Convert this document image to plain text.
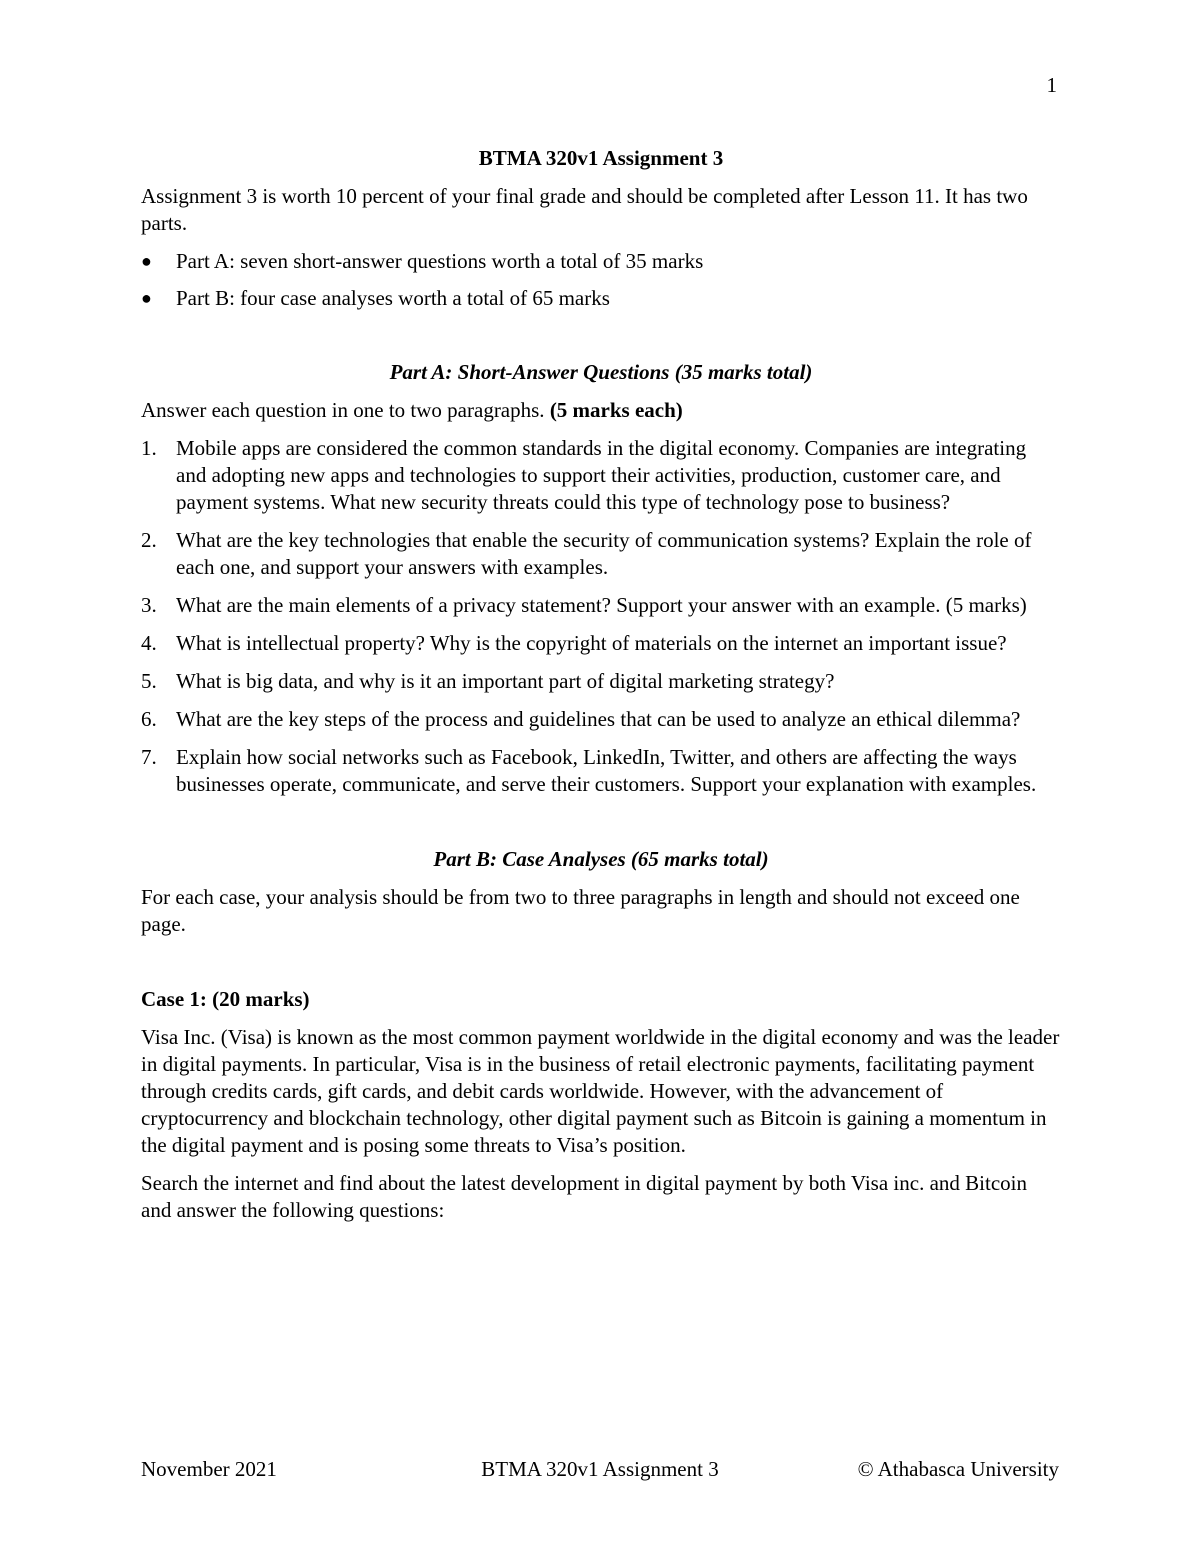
1

BTMA 320v1 Assignment 3

Assignment 3 is worth 10 percent of your final grade and should be completed after Lesson 11. It has two parts.

● Part A: seven short-answer questions worth a total of 35 marks
● Part B: four case analyses worth a total of 65 marks

Part A: Short-Answer Questions (35 marks total)

Answer each question in one to two paragraphs. (5 marks each)

1. Mobile apps are considered the common standards in the digital economy. Companies are integrating and adopting new apps and technologies to support their activities, production, customer care, and payment systems. What new security threats could this type of technology pose to business?
2. What are the key technologies that enable the security of communication systems? Explain the role of each one, and support your answers with examples.
3. What are the main elements of a privacy statement? Support your answer with an example. (5 marks)
4. What is intellectual property? Why is the copyright of materials on the internet an important issue?
5. What is big data, and why is it an important part of digital marketing strategy?
6. What are the key steps of the process and guidelines that can be used to analyze an ethical dilemma?
7. Explain how social networks such as Facebook, LinkedIn, Twitter, and others are affecting the ways businesses operate, communicate, and serve their customers. Support your explanation with examples.

Part B: Case Analyses (65 marks total)

For each case, your analysis should be from two to three paragraphs in length and should not exceed one page.

Case 1: (20 marks)

Visa Inc. (Visa) is known as the most common payment worldwide in the digital economy and was the leader in digital payments. In particular, Visa is in the business of retail electronic payments, facilitating payment through credits cards, gift cards, and debit cards worldwide. However, with the advancement of cryptocurrency and blockchain technology, other digital payment such as Bitcoin is gaining a momentum in the digital payment and is posing some threats to Visa’s position.

Search the internet and find about the latest development in digital payment by both Visa inc. and Bitcoin and answer the following questions:

November 2021	BTMA 320v1 Assignment 3	© Athabasca University
